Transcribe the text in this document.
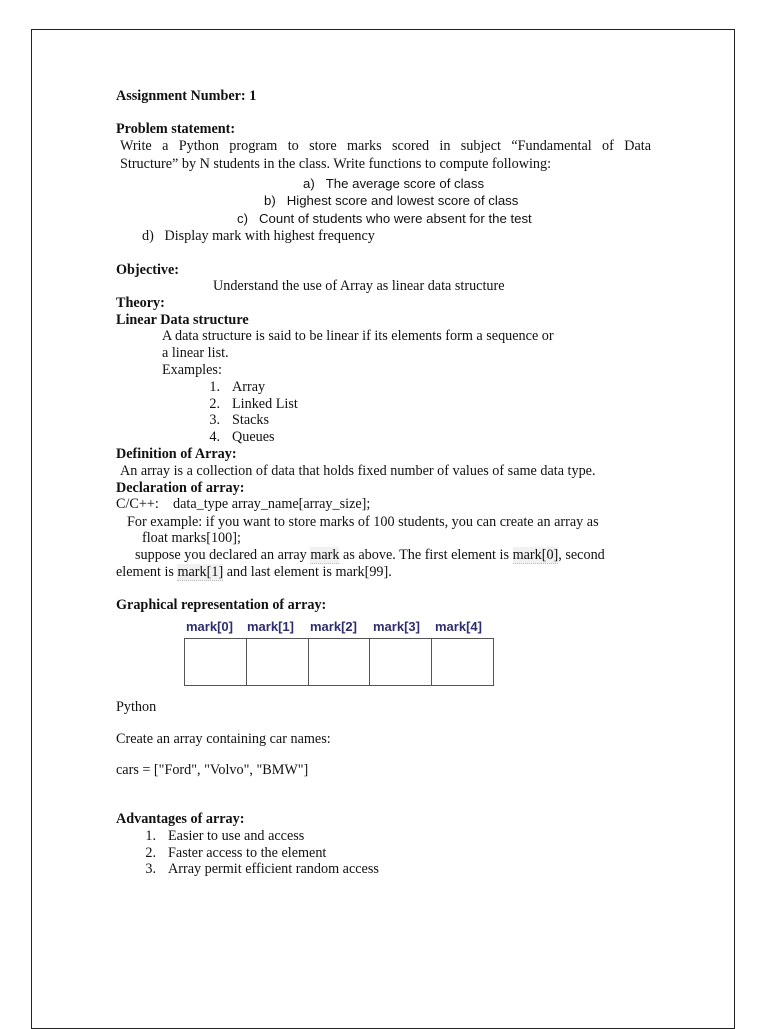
Assignment Number: 1
Problem statement:
Write a Python program to store marks scored in subject “Fundamental of Data
Structure” by N students in the class. Write functions to compute following:
a) The average score of class
b) Highest score and lowest score of class
c) Count of students who were absent for the test
d) Display mark with highest frequency
Objective:
Understand the use of Array as linear data structure
Theory:
Linear Data structure
A data structure is said to be linear if its elements form a sequence or
a linear list.
Examples:
1. Array
2. Linked List
3. Stacks
4. Queues
Definition of Array:
An array is a collection of data that holds fixed number of values of same data type.
Declaration of array:
C/C++: data_type array_name[array_size];
For example: if you want to store marks of 100 students, you can create an array as
float marks[100];
suppose you declared an array mark as above. The first element is mark[0], second
element is mark[1] and last element is mark[99].
Graphical representation of array:
mark[0] mark[1] mark[2] mark[3] mark[4]
Python
Create an array containing car names:
cars = ["Ford", "Volvo", "BMW"]
Advantages of array:
1. Easier to use and access
2. Faster access to the element
3. Array permit efficient random access
